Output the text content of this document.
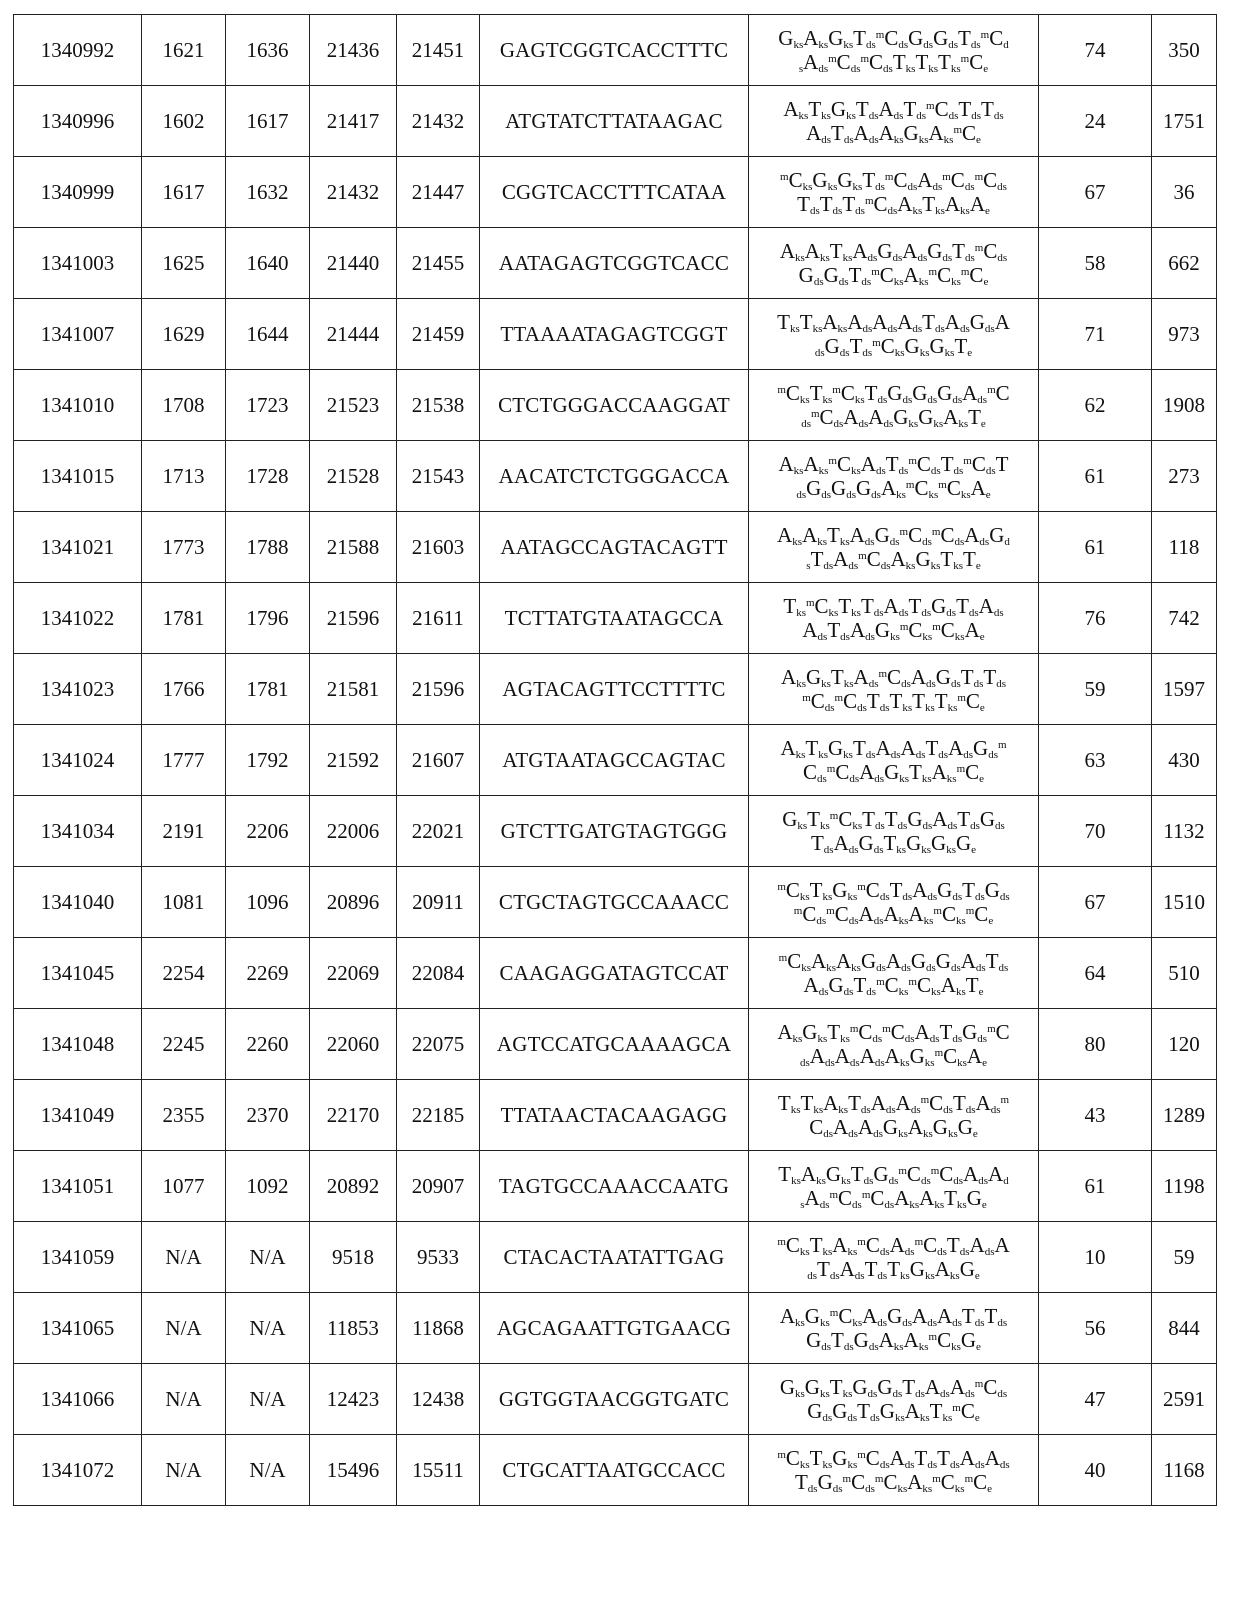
1340992	1621	1636	21436	21451	GAGTCGGTCACCTTTC	$G_{ks}A_{ks}G_{ks}T_{ds}^mC_{ds}G_{ds}G_{ds}T_{ds}^mC_d$
$_sA_{ds}^mC_{ds}^mC_{ds}T_{ks}T_{ks}T_{ks}^mC_e$	74	350
1340996	1602	1617	21417	21432	ATGTATCTTATAAGAC	$A_{ks}T_{ks}G_{ks}T_{ds}A_{ds}T_{ds}^mC_{ds}T_{ds}T_{ds}$
$A_{ds}T_{ds}A_{ds}A_{ks}G_{ks}A_{ks}^mC_e$	24	1751
1340999	1617	1632	21432	21447	CGGTCACCTTTCATAA	$^mC_{ks}G_{ks}G_{ks}T_{ds}^mC_{ds}A_{ds}^mC_{ds}^mC_{ds}$
$T_{ds}T_{ds}T_{ds}^mC_{ds}A_{ks}T_{ks}A_{ks}A_e$	67	36
1341003	1625	1640	21440	21455	AATAGAGTCGGTCACC	$A_{ks}A_{ks}T_{ks}A_{ds}G_{ds}A_{ds}G_{ds}T_{ds}^mC_{ds}$
$G_{ds}G_{ds}T_{ds}^mC_{ks}A_{ks}^mC_{ks}^mC_e$	58	662
1341007	1629	1644	21444	21459	TTAAAATAGAGTCGGT	$T_{ks}T_{ks}A_{ks}A_{ds}A_{ds}A_{ds}T_{ds}A_{ds}G_{ds}A$
$_{ds}G_{ds}T_{ds}^mC_{ks}G_{ks}G_{ks}T_e$	71	973
1341010	1708	1723	21523	21538	CTCTGGGACCAAGGAT	$^mC_{ks}T_{ks}^mC_{ks}T_{ds}G_{ds}G_{ds}G_{ds}A_{ds}^mC$
$_{ds}^mC_{ds}A_{ds}A_{ds}G_{ks}G_{ks}A_{ks}T_e$	62	1908
1341015	1713	1728	21528	21543	AACATCTCTGGGACCA	$A_{ks}A_{ks}^mC_{ks}A_{ds}T_{ds}^mC_{ds}T_{ds}^mC_{ds}T$
$_{ds}G_{ds}G_{ds}G_{ds}A_{ks}^mC_{ks}^mC_{ks}A_e$	61	273
1341021	1773	1788	21588	21603	AATAGCCAGTACAGTT	$A_{ks}A_{ks}T_{ks}A_{ds}G_{ds}^mC_{ds}^mC_{ds}A_{ds}G_d$
$_sT_{ds}A_{ds}^mC_{ds}A_{ks}G_{ks}T_{ks}T_e$	61	118
1341022	1781	1796	21596	21611	TCTTATGTAATAGCCA	$T_{ks}^mC_{ks}T_{ks}T_{ds}A_{ds}T_{ds}G_{ds}T_{ds}A_{ds}$
$A_{ds}T_{ds}A_{ds}G_{ks}^mC_{ks}^mC_{ks}A_e$	76	742
1341023	1766	1781	21581	21596	AGTACAGTTCCTTTTC	$A_{ks}G_{ks}T_{ks}A_{ds}^mC_{ds}A_{ds}G_{ds}T_{ds}T_{ds}$
$^mC_{ds}^mC_{ds}T_{ds}T_{ks}T_{ks}T_{ks}^mC_e$	59	1597
1341024	1777	1792	21592	21607	ATGTAATAGCCAGTAC	$A_{ks}T_{ks}G_{ks}T_{ds}A_{ds}A_{ds}T_{ds}A_{ds}G_{ds}^m$
$C_{ds}^mC_{ds}A_{ds}G_{ks}T_{ks}A_{ks}^mC_e$	63	430
1341034	2191	2206	22006	22021	GTCTTGATGTAGTGGG	$G_{ks}T_{ks}^mC_{ks}T_{ds}T_{ds}G_{ds}A_{ds}T_{ds}G_{ds}$
$T_{ds}A_{ds}G_{ds}T_{ks}G_{ks}G_{ks}G_e$	70	1132
1341040	1081	1096	20896	20911	CTGCTAGTGCCAAACC	$^mC_{ks}T_{ks}G_{ks}^mC_{ds}T_{ds}A_{ds}G_{ds}T_{ds}G_{ds}$
$^mC_{ds}^mC_{ds}A_{ds}A_{ks}A_{ks}^mC_{ks}^mC_e$	67	1510
1341045	2254	2269	22069	22084	CAAGAGGATAGTCCAT	$^mC_{ks}A_{ks}A_{ks}G_{ds}A_{ds}G_{ds}G_{ds}A_{ds}T_{ds}$
$A_{ds}G_{ds}T_{ds}^mC_{ks}^mC_{ks}A_{ks}T_e$	64	510
1341048	2245	2260	22060	22075	AGTCCATGCAAAAGCA	$A_{ks}G_{ks}T_{ks}^mC_{ds}^mC_{ds}A_{ds}T_{ds}G_{ds}^mC$
$_{ds}A_{ds}A_{ds}A_{ds}A_{ks}G_{ks}^mC_{ks}A_e$	80	120
1341049	2355	2370	22170	22185	TTATAACTACAAGAGG	$T_{ks}T_{ks}A_{ks}T_{ds}A_{ds}A_{ds}^mC_{ds}T_{ds}A_{ds}^m$
$C_{ds}A_{ds}A_{ds}G_{ks}A_{ks}G_{ks}G_e$	43	1289
1341051	1077	1092	20892	20907	TAGTGCCAAACCAATG	$T_{ks}A_{ks}G_{ks}T_{ds}G_{ds}^mC_{ds}^mC_{ds}A_{ds}A_d$
$_sA_{ds}^mC_{ds}^mC_{ds}A_{ks}A_{ks}T_{ks}G_e$	61	1198
1341059	N/A	N/A	9518	9533	CTACACTAATATTGAG	$^mC_{ks}T_{ks}A_{ks}^mC_{ds}A_{ds}^mC_{ds}T_{ds}A_{ds}A$
$_{ds}T_{ds}A_{ds}T_{ds}T_{ks}G_{ks}A_{ks}G_e$	10	59
1341065	N/A	N/A	11853	11868	AGCAGAATTGTGAACG	$A_{ks}G_{ks}^mC_{ks}A_{ds}G_{ds}A_{ds}A_{ds}T_{ds}T_{ds}$
$G_{ds}T_{ds}G_{ds}A_{ks}A_{ks}^mC_{ks}G_e$	56	844
1341066	N/A	N/A	12423	12438	GGTGGTAACGGTGATC	$G_{ks}G_{ks}T_{ks}G_{ds}G_{ds}T_{ds}A_{ds}A_{ds}^mC_{ds}$
$G_{ds}G_{ds}T_{ds}G_{ks}A_{ks}T_{ks}^mC_e$	47	2591
1341072	N/A	N/A	15496	15511	CTGCATTAATGCCACC	$^mC_{ks}T_{ks}G_{ks}^mC_{ds}A_{ds}T_{ds}T_{ds}A_{ds}A_{ds}$
$T_{ds}G_{ds}^mC_{ds}^mC_{ks}A_{ks}^mC_{ks}^mC_e$	40	1168
